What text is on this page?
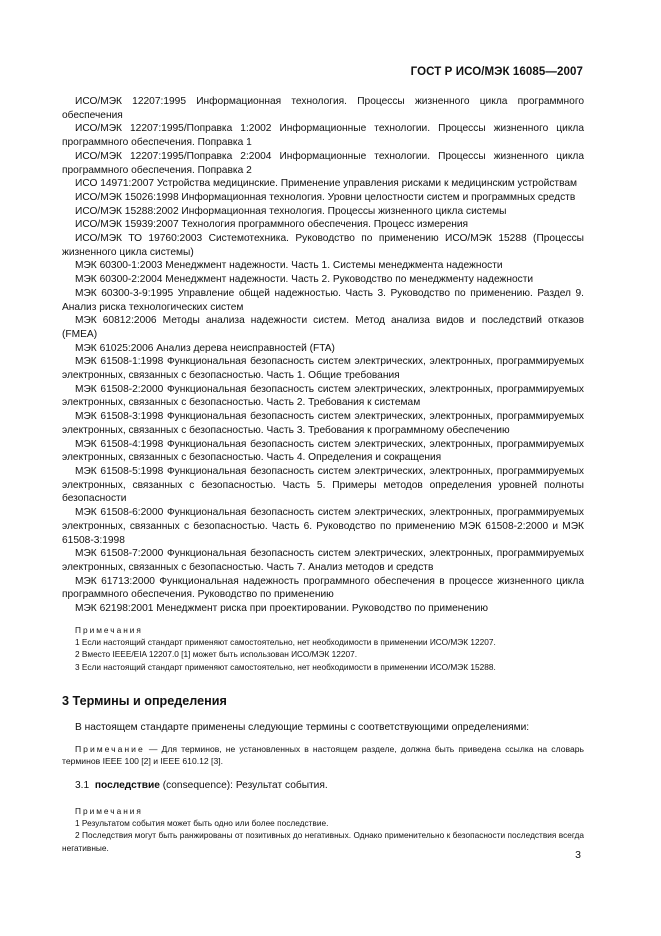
ГОСТ Р ИСО/МЭК 16085—2007

ИСО/МЭК 12207:1995 Информационная технология. Процессы жизненного цикла программного обеспечения

ИСО/МЭК 12207:1995/Поправка 1:2002 Информационные технологии. Процессы жизненного цикла программного обеспечения. Поправка 1

ИСО/МЭК 12207:1995/Поправка 2:2004 Информационные технологии. Процессы жизненного цикла программного обеспечения. Поправка 2

ИСО 14971:2007 Устройства медицинские. Применение управления рисками к медицинским устройствам

ИСО/МЭК 15026:1998 Информационная технология. Уровни целостности систем и программных средств

ИСО/МЭК 15288:2002 Информационная технология. Процессы жизненного цикла системы

ИСО/МЭК 15939:2007 Технология программного обеспечения. Процесс измерения

ИСО/МЭК ТО 19760:2003 Системотехника. Руководство по применению ИСО/МЭК 15288 (Процессы жизненного цикла системы)

МЭК 60300-1:2003 Менеджмент надежности. Часть 1. Системы менеджмента надежности

МЭК 60300-2:2004 Менеджмент надежности. Часть 2. Руководство по менеджменту надежности

МЭК 60300-3-9:1995 Управление общей надежностью. Часть 3. Руководство по применению. Раздел 9. Анализ риска технологических систем

МЭК 60812:2006 Методы анализа надежности систем. Метод анализа видов и последствий отказов (FMEA)

МЭК 61025:2006 Анализ дерева неисправностей (FTA)

МЭК 61508-1:1998 Функциональная безопасность систем электрических, электронных, программируемых электронных, связанных с безопасностью. Часть 1. Общие требования

МЭК 61508-2:2000 Функциональная безопасность систем электрических, электронных, программируемых электронных, связанных с безопасностью. Часть 2. Требования к системам

МЭК 61508-3:1998 Функциональная безопасность систем электрических, электронных, программируемых электронных, связанных с безопасностью. Часть 3. Требования к программному обеспечению

МЭК 61508-4:1998 Функциональная безопасность систем электрических, электронных, программируемых электронных, связанных с безопасностью. Часть 4. Определения и сокращения

МЭК 61508-5:1998 Функциональная безопасность систем электрических, электронных, программируемых электронных, связанных с безопасностью. Часть 5. Примеры методов определения уровней полноты безопасности

МЭК 61508-6:2000 Функциональная безопасность систем электрических, электронных, программируемых электронных, связанных с безопасностью. Часть 6. Руководство по применению МЭК 61508-2:2000 и МЭК 61508-3:1998

МЭК 61508-7:2000 Функциональная безопасность систем электрических, электронных, программируемых электронных, связанных с безопасностью. Часть 7. Анализ методов и средств

МЭК 61713:2000 Функциональная надежность программного обеспечения в процессе жизненного цикла программного обеспечения. Руководство по применению

МЭК 62198:2001 Менеджмент риска при проектировании. Руководство по применению

Примечания

1 Если настоящий стандарт применяют самостоятельно, нет необходимости в применении ИСО/МЭК 12207.

2 Вместо IEEE/EIA 12207.0 [1] может быть использован ИСО/МЭК 12207.

3 Если настоящий стандарт применяют самостоятельно, нет необходимости в применении ИСО/МЭК 15288.

3 Термины и определения

В настоящем стандарте применены следующие термины с соответствующими определениями:

Примечание — Для терминов, не установленных в настоящем разделе, должна быть приведена ссылка на словарь терминов IEEE 100 [2] и IEEE 610.12 [3].

3.1 последствие (consequence): Результат события.

Примечания

1 Результатом события может быть одно или более последствие.

2 Последствия могут быть ранжированы от позитивных до негативных. Однако применительно к безопасности последствия всегда негативные.

3
